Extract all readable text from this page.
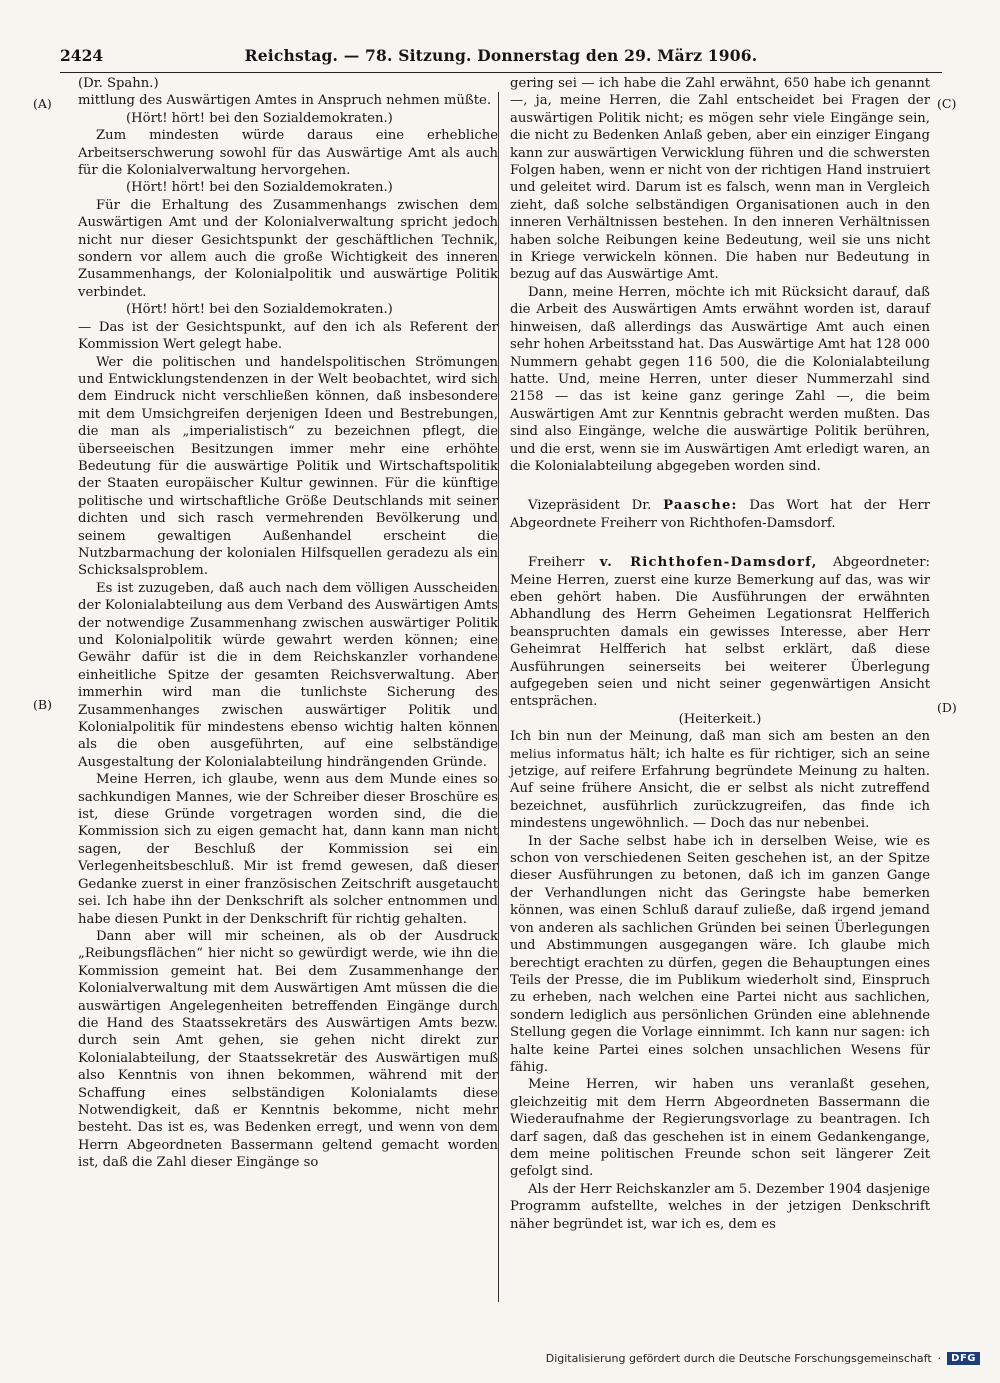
2424	Reichstag. — 78. Sitzung. Donnerstag den 29. März 1906.
(A)
(B)
(C)
(D)

(Dr. Spahn.)

mittlung des Auswärtigen Amtes in Anspruch nehmen müßte.

(Hört! hört! bei den Sozialdemokraten.)

Zum mindesten würde daraus eine erhebliche Arbeitserschwerung sowohl für das Auswärtige Amt als auch für die Kolonialverwaltung hervorgehen.

(Hört! hört! bei den Sozialdemokraten.)

Für die Erhaltung des Zusammenhangs zwischen dem Auswärtigen Amt und der Kolonialverwaltung spricht jedoch nicht nur dieser Gesichtspunkt der geschäftlichen Technik, sondern vor allem auch die große Wichtigkeit des inneren Zusammenhangs, der Kolonialpolitik und auswärtige Politik verbindet.

(Hört! hört! bei den Sozialdemokraten.)

— Das ist der Gesichtspunkt, auf den ich als Referent der Kommission Wert gelegt habe.

Wer die politischen und handelspolitischen Strömungen und Entwicklungstendenzen in der Welt beobachtet, wird sich dem Eindruck nicht verschließen können, daß insbesondere mit dem Umsichgreifen derjenigen Ideen und Bestrebungen, die man als „imperialistisch“ zu bezeichnen pflegt, die überseeischen Besitzungen immer mehr eine erhöhte Bedeutung für die auswärtige Politik und Wirtschaftspolitik der Staaten europäischer Kultur gewinnen. Für die künftige politische und wirtschaftliche Größe Deutschlands mit seiner dichten und sich rasch vermehrenden Bevölkerung und seinem gewaltigen Außenhandel erscheint die Nutzbarmachung der kolonialen Hilfsquellen geradezu als ein Schicksalsproblem.

Es ist zuzugeben, daß auch nach dem völligen Ausscheiden der Kolonialabteilung aus dem Verband des Auswärtigen Amts der notwendige Zusammenhang zwischen auswärtiger Politik und Kolonialpolitik würde gewahrt werden können; eine Gewähr dafür ist die in dem Reichskanzler vorhandene einheitliche Spitze der gesamten Reichsverwaltung. Aber immerhin wird man die tunlichste Sicherung des Zusammenhanges zwischen auswärtiger Politik und Kolonialpolitik für mindestens ebenso wichtig halten können als die oben ausgeführten, auf eine selbständige Ausgestaltung der Kolonialabteilung hindrängenden Gründe.

Meine Herren, ich glaube, wenn aus dem Munde eines so sachkundigen Mannes, wie der Schreiber dieser Broschüre es ist, diese Gründe vorgetragen worden sind, die die Kommission sich zu eigen gemacht hat, dann kann man nicht sagen, der Beschluß der Kommission sei ein Verlegenheitsbeschluß. Mir ist fremd gewesen, daß dieser Gedanke zuerst in einer französischen Zeitschrift ausgetaucht sei. Ich habe ihn der Denkschrift als solcher entnommen und habe diesen Punkt in der Denkschrift für richtig gehalten.

Dann aber will mir scheinen, als ob der Ausdruck „Reibungsflächen“ hier nicht so gewürdigt werde, wie ihn die Kommission gemeint hat. Bei dem Zusammenhange der Kolonialverwaltung mit dem Auswärtigen Amt müssen die die auswärtigen Angelegenheiten betreffenden Eingänge durch die Hand des Staatssekretärs des Auswärtigen Amts bezw. durch sein Amt gehen, sie gehen nicht direkt zur Kolonialabteilung, der Staatssekretär des Auswärtigen muß also Kenntnis von ihnen bekommen, während mit der Schaffung eines selbständigen Kolonialamts diese Notwendigkeit, daß er Kenntnis bekomme, nicht mehr besteht. Das ist es, was Bedenken erregt, und wenn von dem Herrn Abgeordneten Bassermann geltend gemacht worden ist, daß die Zahl dieser Eingänge so

gering sei — ich habe die Zahl erwähnt, 650 habe ich genannt —, ja, meine Herren, die Zahl entscheidet bei Fragen der auswärtigen Politik nicht; es mögen sehr viele Eingänge sein, die nicht zu Bedenken Anlaß geben, aber ein einziger Eingang kann zur auswärtigen Verwicklung führen und die schwersten Folgen haben, wenn er nicht von der richtigen Hand instruiert und geleitet wird. Darum ist es falsch, wenn man in Vergleich zieht, daß solche selbständigen Organisationen auch in den inneren Verhältnissen bestehen. In den inneren Verhältnissen haben solche Reibungen keine Bedeutung, weil sie uns nicht in Kriege verwickeln können. Die haben nur Bedeutung in bezug auf das Auswärtige Amt.

Dann, meine Herren, möchte ich mit Rücksicht darauf, daß die Arbeit des Auswärtigen Amts erwähnt worden ist, darauf hinweisen, daß allerdings das Auswärtige Amt auch einen sehr hohen Arbeitsstand hat. Das Auswärtige Amt hat 128 000 Nummern gehabt gegen 116 500, die die Kolonialabteilung hatte. Und, meine Herren, unter dieser Nummerzahl sind 2158 — das ist keine ganz geringe Zahl —, die beim Auswärtigen Amt zur Kenntnis gebracht werden mußten. Das sind also Eingänge, welche die auswärtige Politik berühren, und die erst, wenn sie im Auswärtigen Amt erledigt waren, an die Kolonialabteilung abgegeben worden sind.

Vizepräsident Dr. Paasche: Das Wort hat der Herr Abgeordnete Freiherr von Richthofen-Damsdorf.

Freiherr v. Richthofen-Damsdorf, Abgeordneter: Meine Herren, zuerst eine kurze Bemerkung auf das, was wir eben gehört haben. Die Ausführungen der erwähnten Abhandlung des Herrn Geheimen Legationsrat Helfferich beanspruchten damals ein gewisses Interesse, aber Herr Geheimrat Helfferich hat selbst erklärt, daß diese Ausführungen seinerseits bei weiterer Überlegung aufgegeben seien und nicht seiner gegenwärtigen Ansicht entsprächen.

(Heiterkeit.)

Ich bin nun der Meinung, daß man sich am besten an den melius informatus hält; ich halte es für richtiger, sich an seine jetzige, auf reifere Erfahrung begründete Meinung zu halten. Auf seine frühere Ansicht, die er selbst als nicht zutreffend bezeichnet, ausführlich zurückzugreifen, das finde ich mindestens ungewöhnlich. — Doch das nur nebenbei.

In der Sache selbst habe ich in derselben Weise, wie es schon von verschiedenen Seiten geschehen ist, an der Spitze dieser Ausführungen zu betonen, daß ich im ganzen Gange der Verhandlungen nicht das Geringste habe bemerken können, was einen Schluß darauf zuließe, daß irgend jemand von anderen als sachlichen Gründen bei seinen Überlegungen und Abstimmungen ausgegangen wäre. Ich glaube mich berechtigt erachten zu dürfen, gegen die Behauptungen eines Teils der Presse, die im Publikum wiederholt sind, Einspruch zu erheben, nach welchen eine Partei nicht aus sachlichen, sondern lediglich aus persönlichen Gründen eine ablehnende Stellung gegen die Vorlage einnimmt. Ich kann nur sagen: ich halte keine Partei eines solchen unsachlichen Wesens für fähig.

Meine Herren, wir haben uns veranlaßt gesehen, gleichzeitig mit dem Herrn Abgeordneten Bassermann die Wiederaufnahme der Regierungsvorlage zu beantragen. Ich darf sagen, daß das geschehen ist in einem Gedankengange, dem meine politischen Freunde schon seit längerer Zeit gefolgt sind.

Als der Herr Reichskanzler am 5. Dezember 1904 dasjenige Programm aufstellte, welches in der jetzigen Denkschrift näher begründet ist, war ich es, dem es

Digitalisierung gefördert durch die Deutsche Forschungsgemeinschaft ·	DFG
